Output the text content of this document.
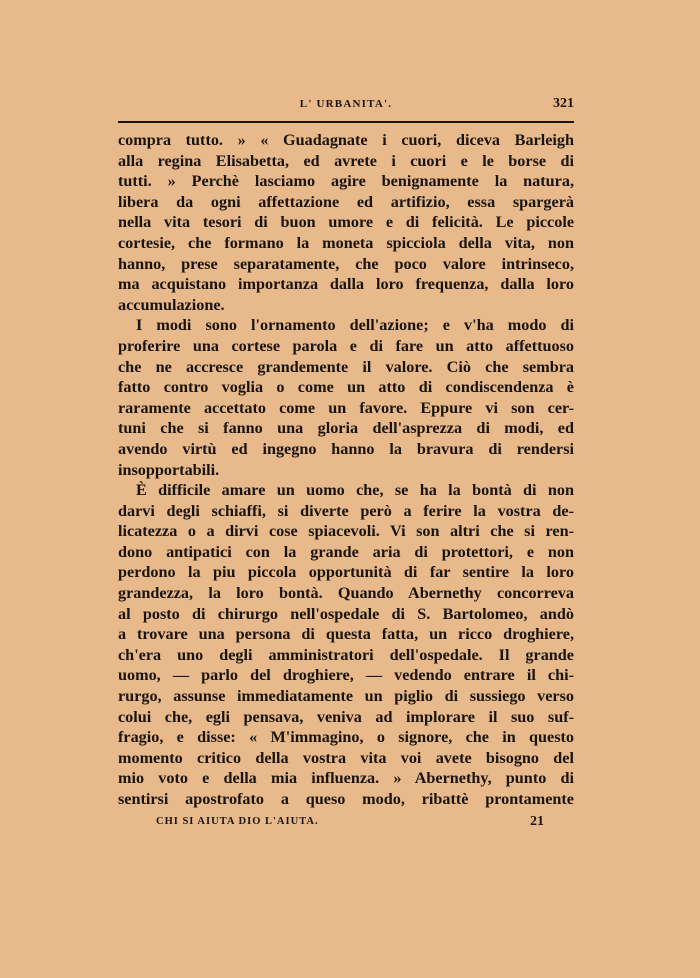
L' URBANITA'.	321
compra tutto. » « Guadagnate i cuori, diceva Barleigh
alla regina Elisabetta, ed avrete i cuori e le borse di
tutti. » Perchè lasciamo agire benignamente la natura,
libera da ogni affettazione ed artifizio, essa spargerà
nella vita tesori di buon umore e di felicità. Le piccole
cortesie, che formano la moneta spicciola della vita, non
hanno, prese separatamente, che poco valore intrinseco,
ma acquistano importanza dalla loro frequenza, dalla loro
accumulazione.
I modi sono l'ornamento dell'azione; e v'ha modo di
proferire una cortese parola e di fare un atto affettuoso
che ne accresce grandemente il valore. Ciò che sembra
fatto contro voglia o come un atto di condiscendenza è
raramente accettato come un favore. Eppure vi son cer-
tuni che si fanno una gloria dell'asprezza di modi, ed
avendo virtù ed ingegno hanno la bravura di rendersi
insopportabili.
È difficile amare un uomo che, se ha la bontà di non
darvi degli schiaffi, si diverte però a ferire la vostra de-
licatezza o a dirvi cose spiacevoli. Vi son altri che si ren-
dono antipatici con la grande aria di protettori, e non
perdono la piu piccola opportunità di far sentire la loro
grandezza, la loro bontà. Quando Abernethy concorreva
al posto di chirurgo nell'ospedale di S. Bartolomeo, andò
a trovare una persona di questa fatta, un ricco droghiere,
ch'era uno degli amministratori dell'ospedale. Il grande
uomo, — parlo del droghiere, — vedendo entrare il chi-
rurgo, assunse immediatamente un piglio di sussiego verso
colui che, egli pensava, veniva ad implorare il suo suf-
fragio, e disse: « M'immagino, o signore, che in questo
momento critico della vostra vita voi avete bisogno del
mio voto e della mia influenza. » Abernethy, punto di
sentirsi apostrofato a queso modo, ribattè prontamente
CHI SI AIUTA DIO L'AIUTA.	21
